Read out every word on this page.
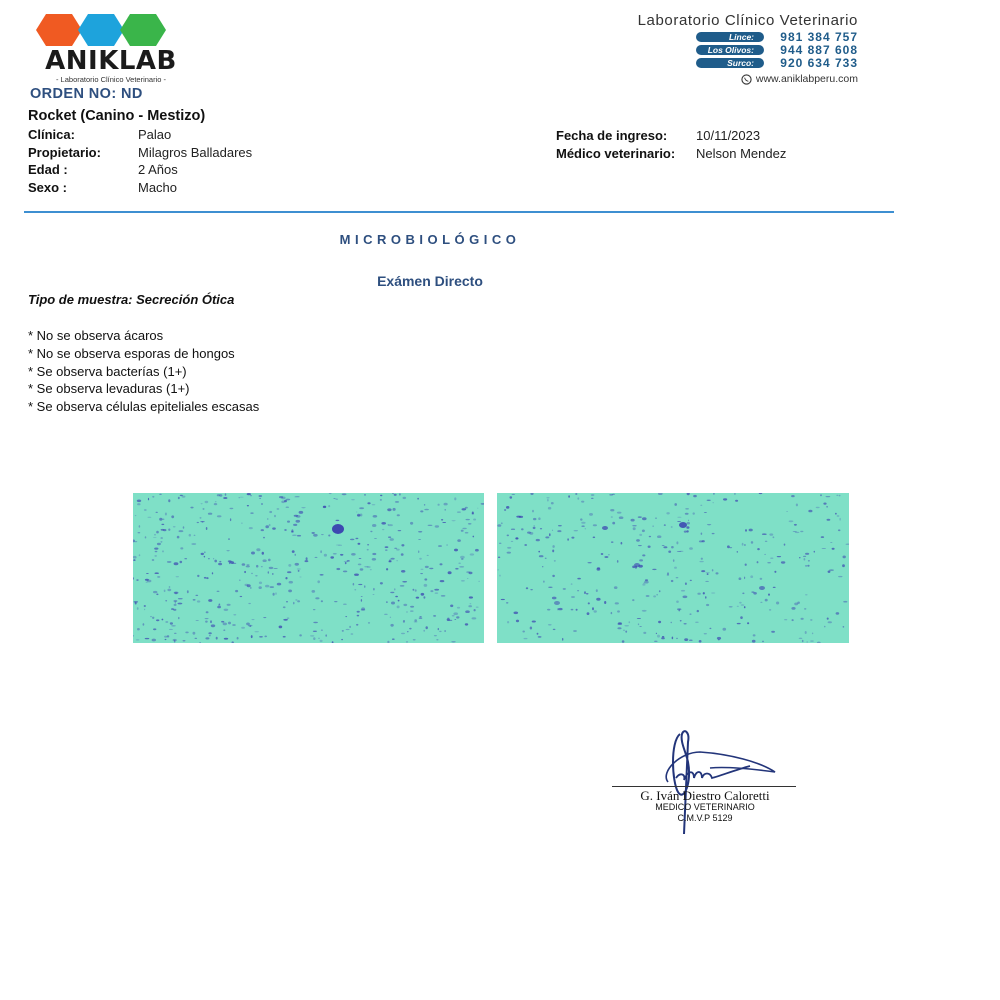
ANIKLAB
- Laboratorio Clínico Veterinario -
Laboratorio Clínico Veterinario
Lince:	981 384 757
Los Olivos:	944 887 608
Surco:	920 634 733
www.aniklabperu.com
ORDEN NO: ND
Rocket (Canino - Mestizo)
Clínica:	Palao
Propietario:	Milagros Balladares
Edad :	2 Años
Sexo :	Macho
Fecha de ingreso:	10/11/2023
Médico veterinario:	Nelson Mendez
MICROBIOLÓGICO
Exámen Directo
Tipo de muestra: Secreción Ótica
* No se observa ácaros
* No se observa esporas de hongos
* Se observa bacterías (1+)
* Se observa levaduras (1+)
* Se observa células epiteliales escasas
G. Iván Diestro Caloretti
MEDICO VETERINARIO
C.M.V.P 5129
